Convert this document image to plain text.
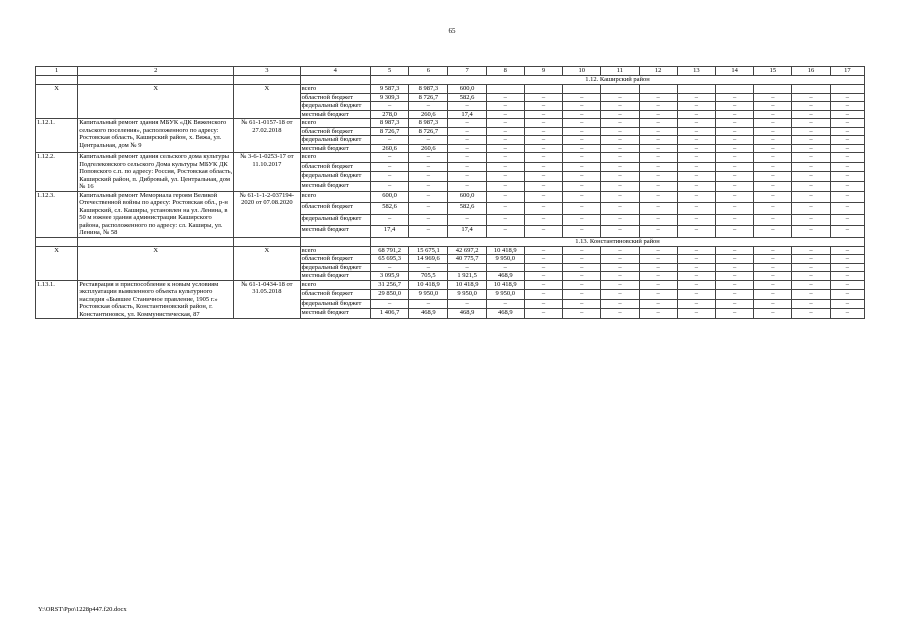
65
1	2	3	4	5	6	7	8	9	10	11	12	13	14	15	16	17
				1.12. Каширский район												
Х	Х	Х	всего	9 587,3	8 987,3	600,0										
			областной бюджет	9 309,3	8 726,7	582,6	–	–	–	–	–	–	–	–	–	–
			федеральный бюджет	–	–	–	–	–	–	–	–	–	–	–	–	–
			местный бюджет	278,0	260,6	17,4	–	–	–	–	–	–	–	–	–	–
1.12.1.	Капитальный ремонт здания МБУК «ДК Вяженского сельского поселения», расположенного по адресу: Ростовская область, Каширский район, х. Вяжа, ул. Центральная, дом № 9	№ 61-1-0157-18 от 27.02.2018	всего	8 987,3	8 987,3	–	–	–	–	–	–	–	–	–	–	–
			областной бюджет	8 726,7	8 726,7	–	–	–	–	–	–	–	–	–	–	–
			федеральный бюджет	–	–	–	–	–	–	–	–	–	–	–	–	–
			местный бюджет	260,6	260,6	–	–	–	–	–	–	–	–	–	–	–
1.12.2.	Капитальный ремонт здания сельского дома культуры Подгелековского сельского Дома культуры МБУК ДК Поповского с.п. по адресу: Россия, Ростовская область, Каширский район, п. Дибровый, ул. Центральная, дом № 16	№ 3-6-1-0253-17 от 11.10.2017	всего	–	–	–	–	–	–	–	–	–	–	–	–	–
			областной бюджет	–	–	–	–	–	–	–	–	–	–	–	–	–
			федеральный бюджет	–	–	–	–	–	–	–	–	–	–	–	–	–
			местный бюджет	–	–	–	–	–	–	–	–	–	–	–	–	–
1.12.3.	Капитальный ремонт Мемориала героям Великой Отечественной войны по адресу: Ростовская обл., р-н Каширский, сл. Каширы, установлен на ул. Ленина, в 50 м южнее здания администрации Каширского района, расположенного по адресу: сл. Каширы, ул. Ленина, № 58	№ 61-1-1-2-037194-2020 от 07.08.2020	всего	600,0	–	600,0	–	–	–	–	–	–	–	–	–	–
			областной бюджет	582,6	–	582,6	–	–	–	–	–	–	–	–	–	–
			федеральный бюджет	–	–	–	–	–	–	–	–	–	–	–	–	–
			местный бюджет	17,4	–	17,4	–	–	–	–	–	–	–	–	–	–
				1.13. Константиновский район												
Х	Х	Х	всего	68 791,2	15 675,1	42 697,2	10 418,9	–	–	–	–	–	–	–	–	–
			областной бюджет	65 695,3	14 969,6	40 775,7	9 950,0	–	–	–	–	–	–	–	–	–
			федеральный бюджет	–	–	–	–	–	–	–	–	–	–	–	–	–
			местный бюджет	3 095,9	705,5	1 921,5	468,9	–	–	–	–	–	–	–	–	–
1.13.1.	Реставрация и приспособление к новым условиям эксплуатации выявленного объекта культурного наследия «Бывшее Станичное правление, 1905 г.» Ростовская область, Константиновский район, г. Константиновск, ул. Коммунистическая, 87	№ 61-1-0434-18 от 31.05.2018	всего	31 256,7	10 418,9	10 418,9	10 418,9	–	–	–	–	–	–	–	–	–
			областной бюджет	29 850,0	9 950,0	9 950,0	9 950,0	–	–	–	–	–	–	–	–	–
			федеральный бюджет	–	–	–	–	–	–	–	–	–	–	–	–	–
			местный бюджет	1 406,7	468,9	468,9	468,9	–	–	–	–	–	–	–	–	–
Y:\ORST\Ppo\1228p447.f20.docx
